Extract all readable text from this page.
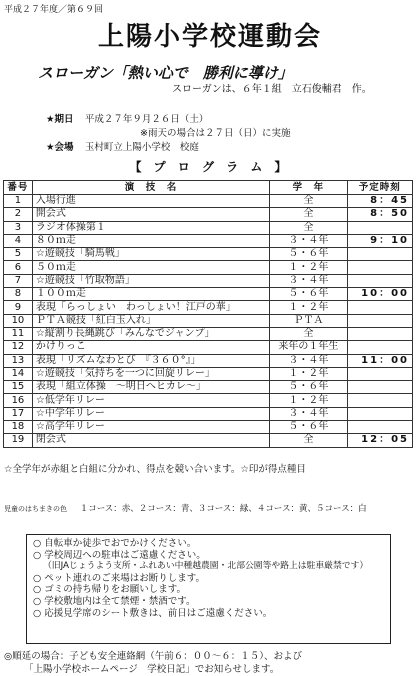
平成２７年度／第６９回
上陽小学校運動会
スローガン「熱い心で　勝利に導け」
スローガンは、６年１組　立石俊輔君　作。
★期日 平成２７年９月２６日（土）
※雨天の場合は２７日（日）に実施
★会場 玉村町立上陽小学校　校庭
【 プ ロ グ ラ ム 】
番号	演　技　名	学　年	予定時刻
1	入場行進	全	8：45
2	開会式	全	8：50
3	ラジオ体操第１	全	
4	８０ｍ走	３・４年	9：10
5	☆遊競技「騎馬戦」	５・６年	
6	５０ｍ走	１・２年	
7	☆遊競技「竹取物語」	３・４年	
8	１００ｍ走	５・６年	10：00
9	表現「らっしょい　わっしょい！江戸の華」	１・２年	
10	ＰＴＡ競技「紅白玉入れ」	ＰＴＡ	
11	☆縦割り長縄跳び「みんなでジャンプ」	全	
12	かけりっこ	来年の１年生	
13	表現「リズムなわとび　『３６０°』」	３・４年	11：00
14	☆遊競技「気持ちを一つに回旋リレー」	１・２年	
15	表現「組立体操　～明日へヒカレ～」	５・６年	
16	☆低学年リレー	１・２年	
17	☆中学年リレー	３・４年	
18	☆高学年リレー	５・６年	
19	閉会式	全	12：05
☆全学年が赤組と白組に分かれ、得点を競い合います。☆印が得点種目
児童のはちまきの色 １コース：赤、２コース：青、３コース：緑、４コース：黄、５コース：白
○ 自転車か徒歩でおでかけください。
○ 学校周辺への駐車はご遠慮ください。
（旧JAじょうよう支所・ふれあい中種越農園・北部公園等や路上は駐車厳禁です）
○ ペット連れのご来場はお断りします。
○ ゴミの持ち帰りをお願いします。
○ 学校敷地内は全て禁煙・禁酒です。
○ 応援見学席のシート敷きは、前日はご遠慮ください。
◎順延の場合：子ども安全連絡網（午前６：００～６：１５）、および
「上陽小学校ホームページ　学校日記」でお知らせします。
